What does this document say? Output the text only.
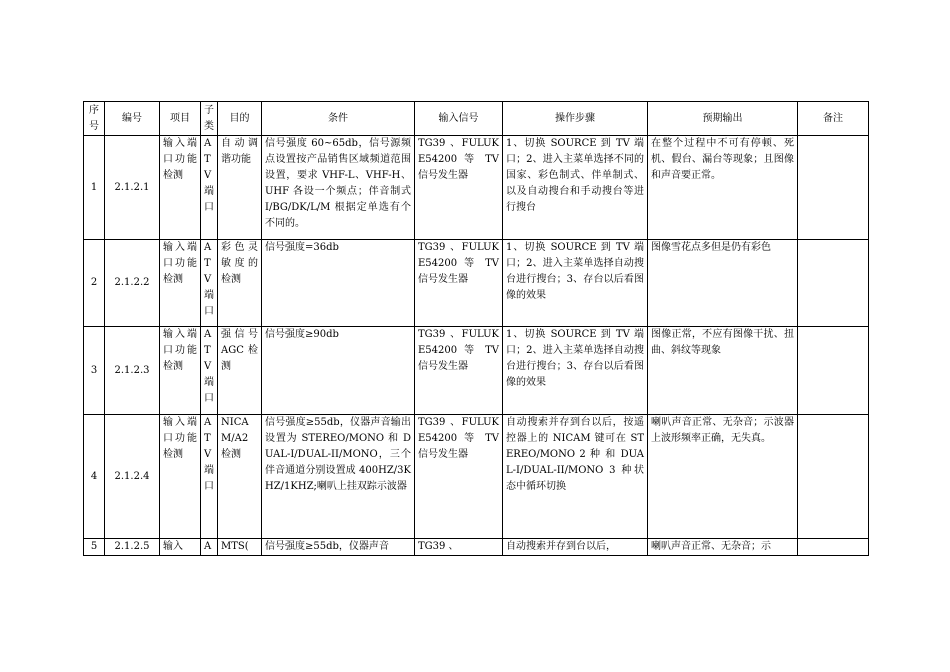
序号	编号	项目	子类	目的	条件	输入信号	操作步骤	预期输出	备注
1	2.1.2.1	输入端口功能检测	ATV端口	自动调谐功能	信号强度 60~65db，信号源频点设置按产品销售区域频道范围设置，要求 VHF-L、VHF-H、UHF 各设一个频点；伴音制式 I/BG/DK/L/M 根据定单选有个不同的。	TG39 、FULUKE54200 等 TV 信号发生器	1、切换 SOURCE 到 TV 端口；2、进入主菜单选择不同的国家、彩色制式、伴单制式、以及自动搜台和手动搜台等进行搜台	在整个过程中不可有停顿、死机、假台、漏台等现象；且图像和声音要正常。	
2	2.1.2.2	输入端口功能检测	ATV端口	彩色灵敏度的检测	信号强度=36db	TG39 、FULUKE54200 等 TV 信号发生器	1、切换 SOURCE 到 TV 端口；2、进入主菜单选择自动搜台进行搜台；3、存台以后看图像的效果	图像雪花点多但是仍有彩色	
3	2.1.2.3	输入端口功能检测	ATV端口	强信号 AGC 检测	信号强度≥90db	TG39 、FULUKE54200 等 TV 信号发生器	1、切换 SOURCE 到 TV 端口；2、进入主菜单选择自动搜台进行搜台；3、存台以后看图像的效果	图像正常，不应有图像干扰、扭曲、斜纹等现象	
4	2.1.2.4	输入端口功能检测	ATV端口	NICAM/A2 检测	信号强度≥55db，仪器声音输出设置为 STEREO/MONO 和 DUAL-I/DUAL-II/MONO，三个伴音通道分别设置成 400HZ/3KHZ/1KHZ;喇叭上挂双踪示波器	TG39 、FULUKE54200 等 TV 信号发生器	自动搜索并存到台以后，按遥控器上的 NICAM 键可在 STEREO/MONO 2 种 和 DUAL-I/DUAL-II/MONO 3 种状态中循环切换	喇叭声音正常、无杂音；示波器上波形频率正确，无失真。	
5	2.1.2.5	输入	A	MTS(	信号强度≥55db，仪器声音	TG39 、	自动搜索并存到台以后，	喇叭声音正常、无杂音；示	
